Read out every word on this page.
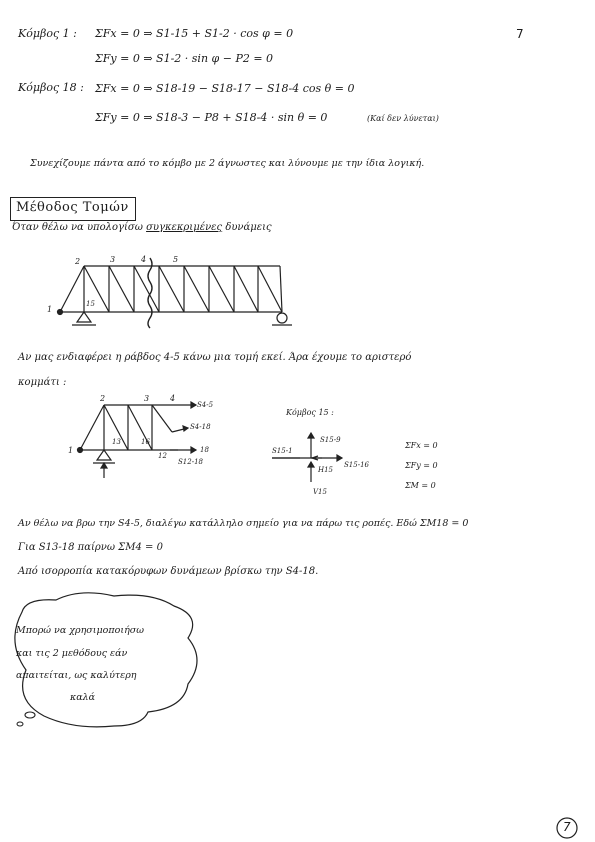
7
Κόμβος 1 : ΣFx = 0 ⇒ S1-15 + S1-2 · cos φ = 0
ΣFy = 0 ⇒ S1-2 · sin φ − P2 = 0
Κόμβος 18 : ΣFx = 0 ⇒ S18-19 − S18-17 − S18-4 cos θ = 0
ΣFy = 0 ⇒ S18-3 − P8 + S18-4 · sin θ = 0	(Καί δεν λύνεται)
Συνεχίζουμε πάντα από το κόμβο με 2 άγνωστες και λύνουμε με την ίδια λογική.
Μέθοδος Τομών
Όταν θέλω να υπολογίσω συγκεκριμένες δυνάμεις
2	3	4	5
1
15
Αν μας ενδιαφέρει η ράβδος 4-5 κάνω μια τομή εκεί. Άρα έχουμε το αριστερό
κομμάτι :
2	3	4
1
13	16
12
S4-5
S4-18
S12-18
18
Κόμβος 15 :
S15-9
S15-1
S15-16
H15
V15
ΣFx = 0
ΣFy = 0
ΣM = 0
Αν θέλω να βρω την S4-5, διαλέγω κατάλληλο σημείο για να πάρω τις ροπές. Εδώ ΣM18 = 0
Για S13-18 παίρνω ΣM4 = 0
Από ισορροπία κατακόρυφων δυνάμεων βρίσκω την S4-18.
Μπορώ να χρησιμοποιήσω
και τις 2 μεθόδους εάν
απαιτείται, ως καλύτερη
καλά
7
